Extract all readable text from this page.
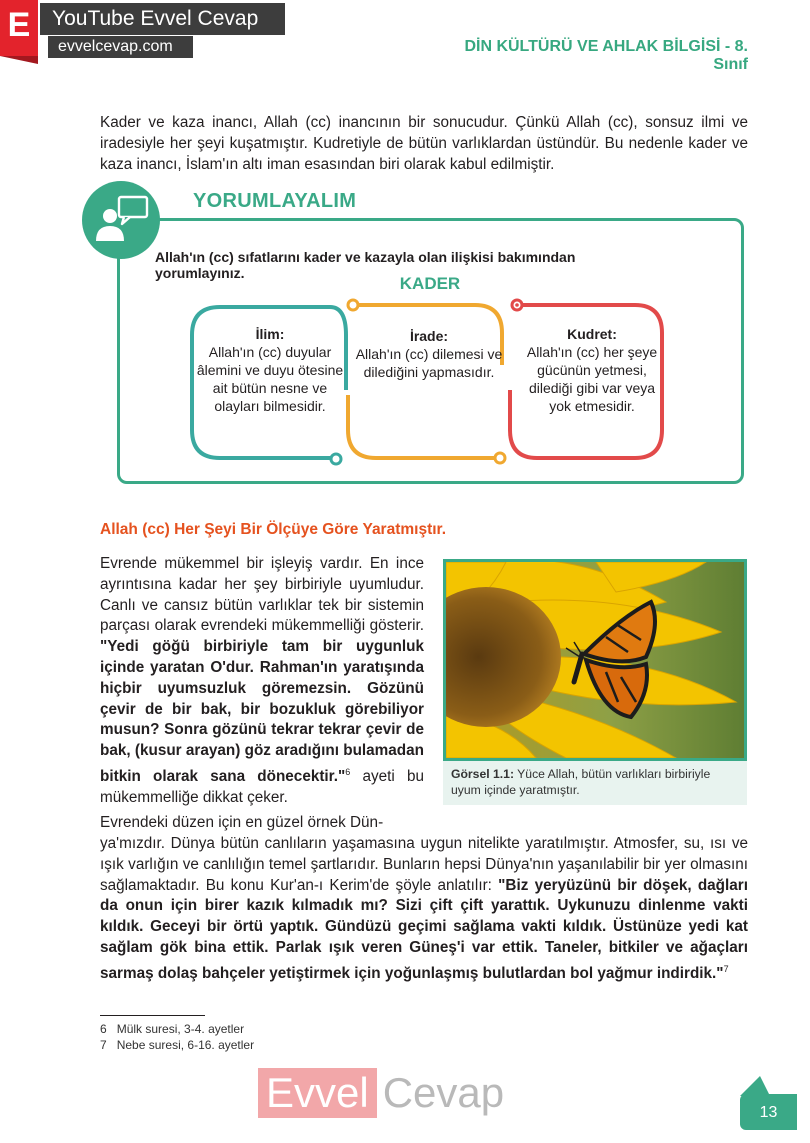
E	YouTube Evvel Cevap
evvelcevap.com	DİN KÜLTÜRÜ VE AHLAK BİLGİSİ - 8. Sınıf
Kader ve kaza inancı, Allah (cc) inancının bir sonucudur. Çünkü Allah (cc), sonsuz ilmi ve iradesiyle her şeyi kuşatmıştır. Kudretiyle de bütün varlıklardan üstündür. Bu nedenle kader ve kaza inancı, İslam'ın altı iman esasından biri olarak kabul edilmiştir.
YORUMLAYALIM
Allah'ın (cc) sıfatlarını kader ve kazayla olan ilişkisi bakımından yorumlayınız.
KADER
İlim:
Allah'ın (cc) duyular âlemini ve duyu ötesine ait bütün nesne ve olayları bilmesidir.
İrade:
Allah'ın (cc) dilemesi ve dilediğini yapmasıdır.
Kudret:
Allah'ın (cc) her şeye gücünün yetmesi, dilediği gibi var veya yok etmesidir.
Allah (cc) Her Şeyi Bir Ölçüye Göre Yaratmıştır.
Evrende mükemmel bir işleyiş vardır. En ince ayrıntısına kadar her şey birbiriyle uyumludur. Canlı ve cansız bütün varlıklar tek bir sistemin parçası olarak evrendeki mükemmelliği gösterir. "Yedi göğü birbiriyle tam bir uygunluk içinde yaratan O'dur. Rahman'ın yaratışında hiçbir uyumsuzluk göremezsin. Gözünü çevir de bir bak, bir bozukluk görebiliyor musun? Sonra gözünü tekrar tekrar çevir de bak, (kusur arayan) göz aradığını bulamadan bitkin olarak sana dönecektir."$^6$ ayeti bu mükemmelliğe dikkat çeker.
Görsel 1.1: Yüce Allah, bütün varlıkları birbiriyle uyum içinde yaratmıştır.
Evrendeki düzen için en güzel örnek Dün-
ya'mızdır. Dünya bütün canlıların yaşamasına uygun nitelikte yaratılmıştır. Atmosfer, su, ısı ve ışık varlığın ve canlılığın temel şartlarıdır. Bunların hepsi Dünya'nın yaşanılabilir bir yer olmasını sağlamaktadır. Bu konu Kur'an-ı Kerim'de şöyle anlatılır: "Biz yeryüzünü bir döşek, dağları da onun için birer kazık kılmadık mı? Sizi çift çift yarattık. Uykunuzu dinlenme vakti kıldık. Geceyi bir örtü yaptık. Gündüzü geçimi sağlama vakti kıldık. Üstünüze yedi kat sağlam gök bina ettik. Parlak ışık veren Güneş'i var ettik. Taneler, bitkiler ve ağaçları sarmaş dolaş bahçeler yetiştirmek için yoğunlaşmış bulutlardan bol yağmur indirdik."$^7$
6 Mülk suresi, 3-4. ayetler
7 Nebe suresi, 6-16. ayetler
Evvel Cevap	13
